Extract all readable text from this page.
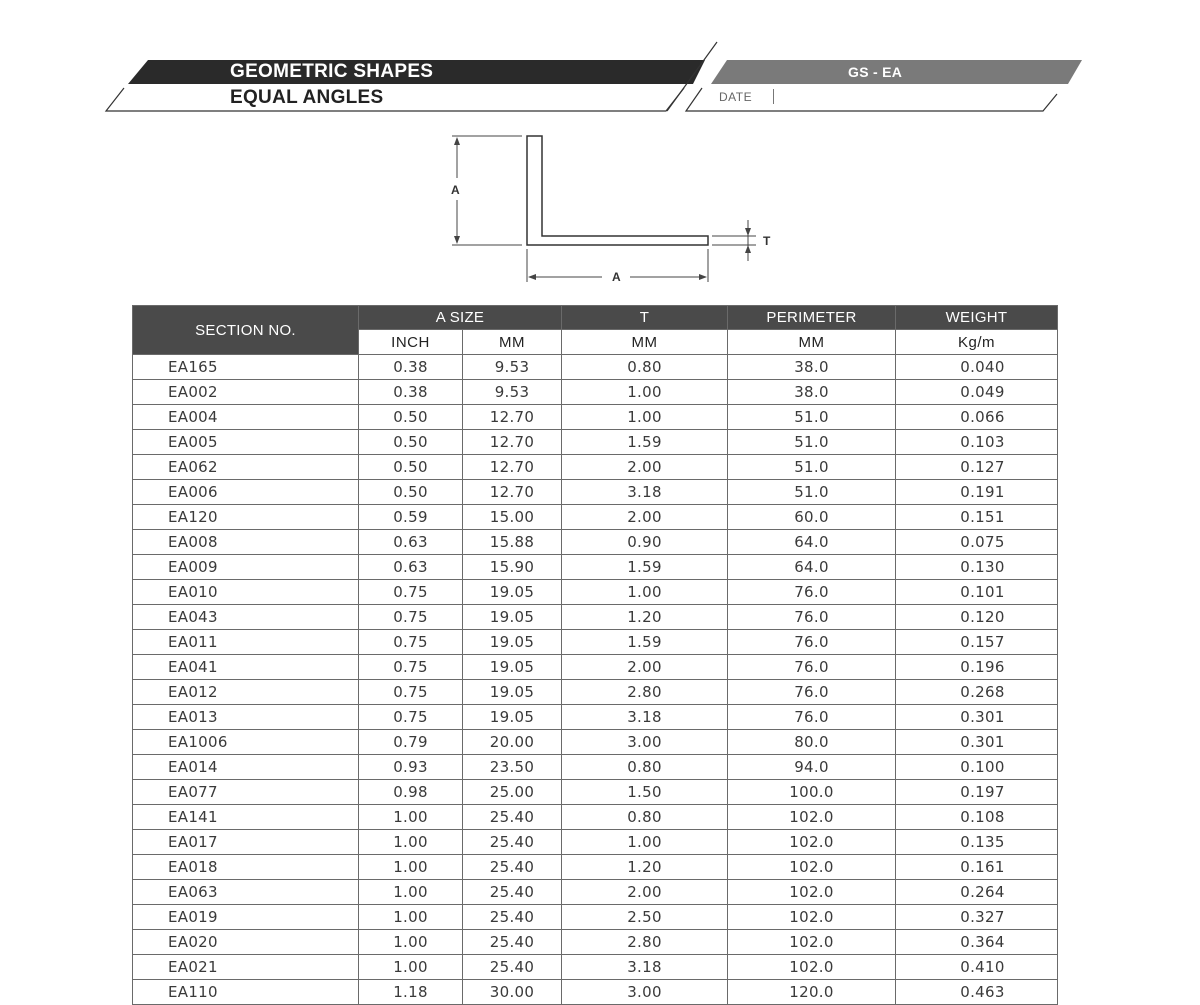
GEOMETRIC SHAPES
EQUAL ANGLES
GS - EA
DATE
A
A
T
SECTION NO.	A SIZE		T	PERIMETER	WEIGHT
	INCH	MM	MM	MM	Kg/m
EA165	0.38	9.53	0.80	38.0	0.040
EA002	0.38	9.53	1.00	38.0	0.049
EA004	0.50	12.70	1.00	51.0	0.066
EA005	0.50	12.70	1.59	51.0	0.103
EA062	0.50	12.70	2.00	51.0	0.127
EA006	0.50	12.70	3.18	51.0	0.191
EA120	0.59	15.00	2.00	60.0	0.151
EA008	0.63	15.88	0.90	64.0	0.075
EA009	0.63	15.90	1.59	64.0	0.130
EA010	0.75	19.05	1.00	76.0	0.101
EA043	0.75	19.05	1.20	76.0	0.120
EA011	0.75	19.05	1.59	76.0	0.157
EA041	0.75	19.05	2.00	76.0	0.196
EA012	0.75	19.05	2.80	76.0	0.268
EA013	0.75	19.05	3.18	76.0	0.301
EA1006	0.79	20.00	3.00	80.0	0.301
EA014	0.93	23.50	0.80	94.0	0.100
EA077	0.98	25.00	1.50	100.0	0.197
EA141	1.00	25.40	0.80	102.0	0.108
EA017	1.00	25.40	1.00	102.0	0.135
EA018	1.00	25.40	1.20	102.0	0.161
EA063	1.00	25.40	2.00	102.0	0.264
EA019	1.00	25.40	2.50	102.0	0.327
EA020	1.00	25.40	2.80	102.0	0.364
EA021	1.00	25.40	3.18	102.0	0.410
EA110	1.18	30.00	3.00	120.0	0.463
